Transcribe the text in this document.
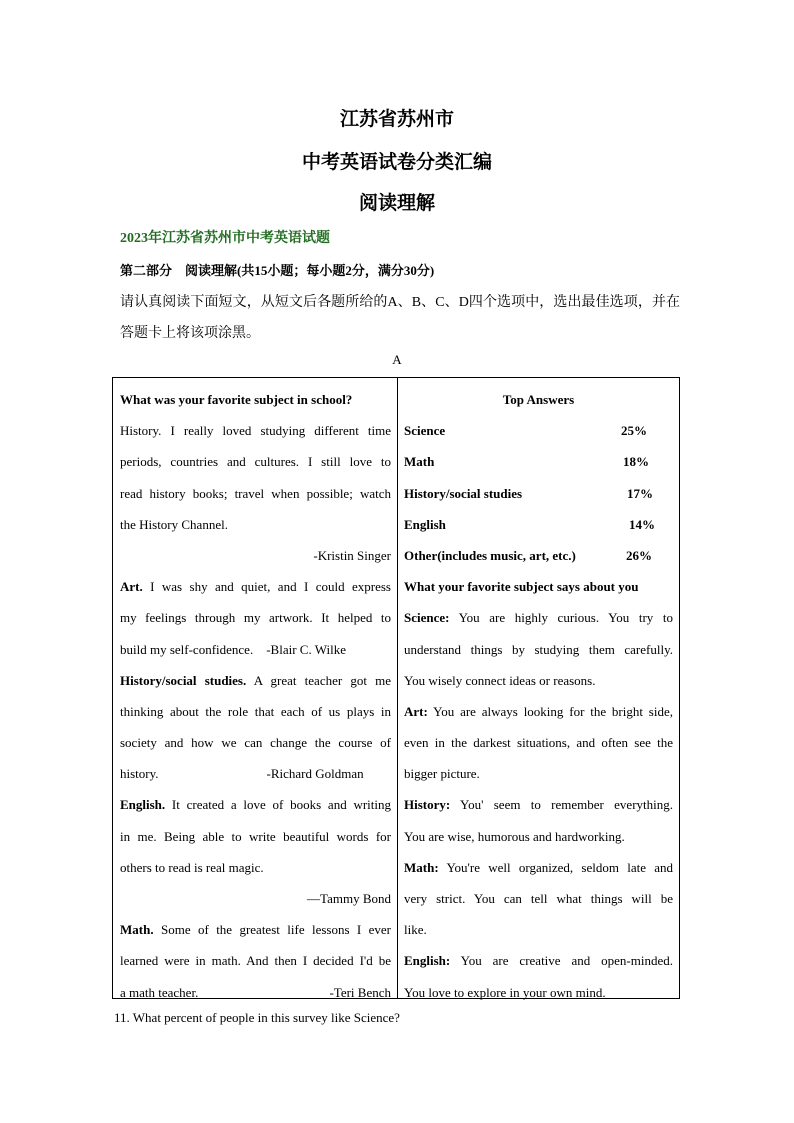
江苏省苏州市
中考英语试卷分类汇编
阅读理解
2023年江苏省苏州市中考英语试题
第二部分　阅读理解(共15小题；每小题2分，满分30分)
请认真阅读下面短文，从短文后各题所给的A、B、C、D四个选项中，选出最佳选项，并在答题卡上将该项涂黑。
A
What was your favorite subject in school?
History. I really loved studying different time
periods, countries and cultures. I still love to
read history books; travel when possible; watch
the History Channel.
-Kristin Singer
Art. I was shy and quiet, and I could express
my feelings through my artwork. It helped to
build my self-confidence. -Blair C. Wilke
History/social studies. A great teacher got me
thinking about the role that each of us plays in
society and how we can change the course of
history.	-Richard Goldman
English. It created a love of books and writing
in me. Being able to write beautiful words for
others to read is real magic.
—Tammy Bond
Math. Some of the greatest life lessons I ever
learned were in math. And then I decided I'd be
a math teacher.	-Teri Bench
Top Answers
Science	25%
Math	18%
History/social studies	17%
English	14%
Other(includes music, art, etc.)	26%
What your favorite subject says about you
Science: You are highly curious. You try to
understand things by studying them carefully.
You wisely connect ideas or reasons.
Art: You are always looking for the bright side,
even in the darkest situations, and often see the
bigger picture.
History: You' seem to remember everything.
You are wise, humorous and hardworking.
Math: You're well organized, seldom late and
very strict. You can tell what things will be
like.
English: You are creative and open-minded.
You love to explore in your own mind.
11. What percent of people in this survey like Science?
